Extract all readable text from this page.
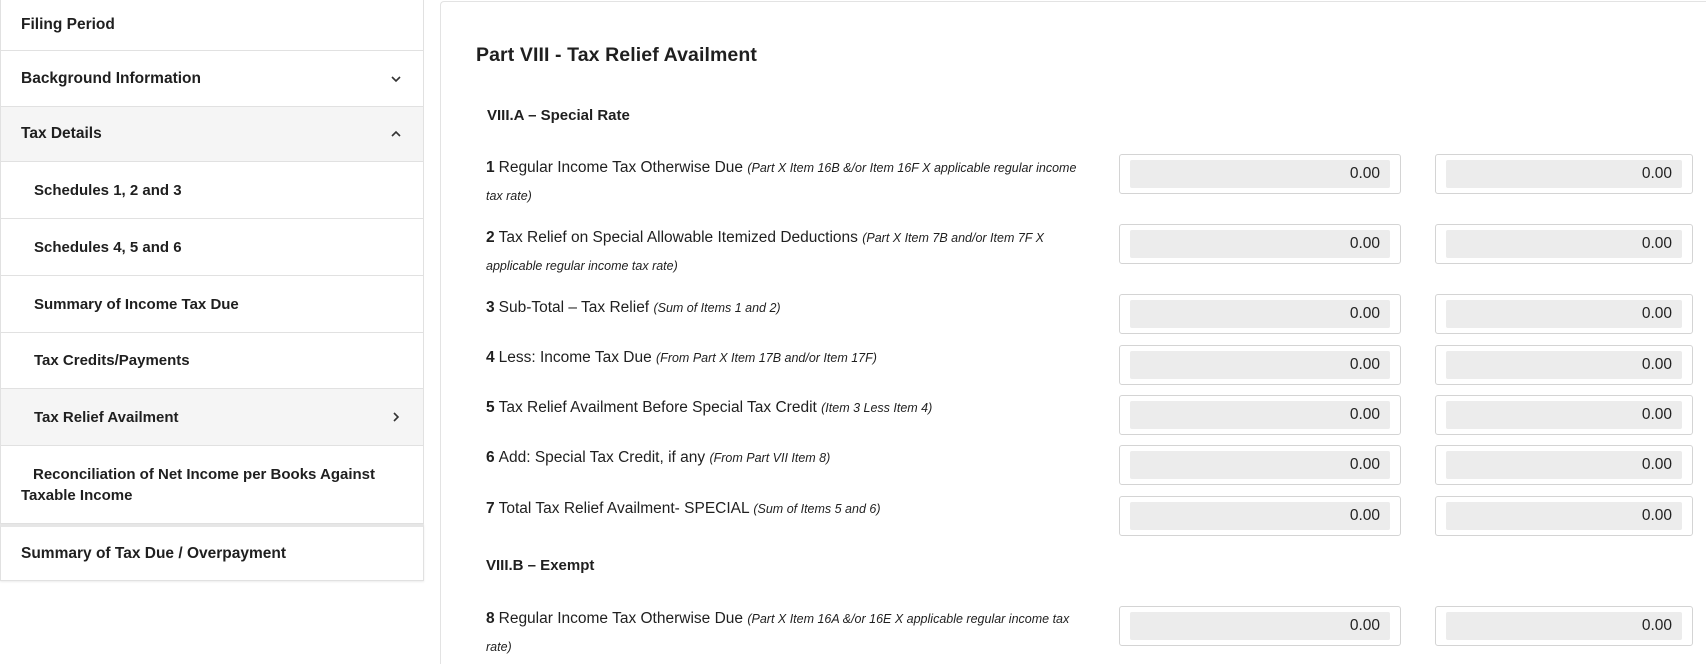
Filing Period
Background Information
Tax Details
Schedules 1, 2 and 3
Schedules 4, 5 and 6
Summary of Income Tax Due
Tax Credits/Payments
Tax Relief Availment
Reconciliation of Net Income per Books Against Taxable Income
Summary of Tax Due / Overpayment
Part VIII - Tax Relief Availment
VIII.A – Special Rate
1 Regular Income Tax Otherwise Due (Part X Item 16B &/or Item 16F X applicable regular income tax rate)
0.00	0.00
2 Tax Relief on Special Allowable Itemized Deductions (Part X Item 7B and/or Item 7F X applicable regular income tax rate)
0.00	0.00
3 Sub-Total – Tax Relief (Sum of Items 1 and 2)	0.00	0.00
4 Less: Income Tax Due (From Part X Item 17B and/or Item 17F)	0.00	0.00
5 Tax Relief Availment Before Special Tax Credit (Item 3 Less Item 4)	0.00	0.00
6 Add: Special Tax Credit, if any (From Part VII Item 8)	0.00	0.00
7 Total Tax Relief Availment- SPECIAL (Sum of Items 5 and 6)	0.00	0.00
8 Regular Income Tax Otherwise Due (Part X Item 16A &/or 16E X applicable regular income tax rate)
0.00	0.00
VIII.B – Exempt
